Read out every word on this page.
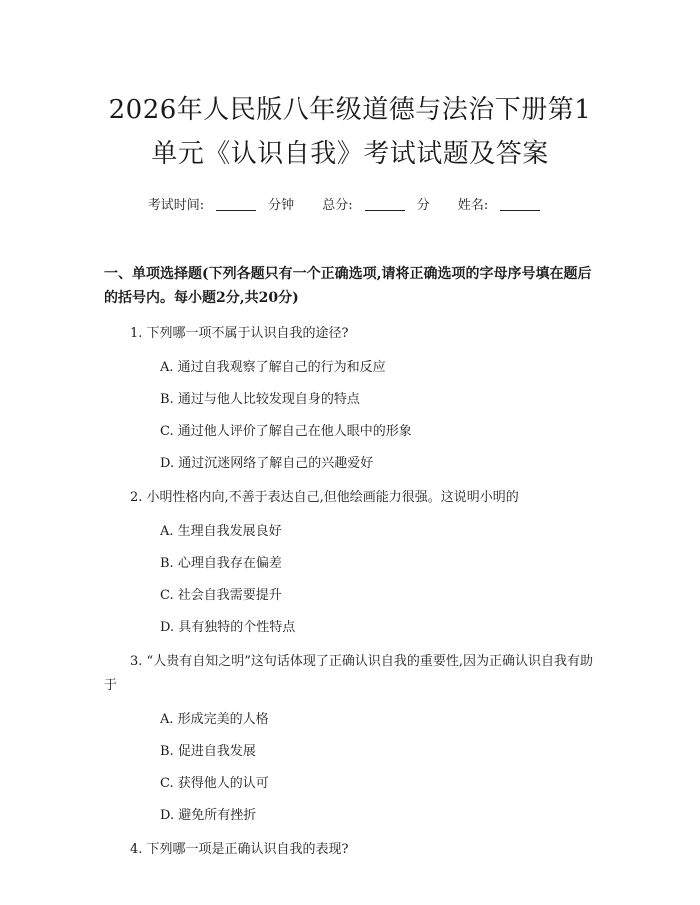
2026年人民版八年级道德与法治下册第1单元《认识自我》考试试题及答案
考试时间:	分钟 总分:	分 姓名:
一、单项选择题(下列各题只有一个正确选项,请将正确选项的字母序号填在题后的括号内。每小题2分,共20分)
1. 下列哪一项不属于认识自我的途径?
A. 通过自我观察了解自己的行为和反应
B. 通过与他人比较发现自身的特点
C. 通过他人评价了解自己在他人眼中的形象
D. 通过沉迷网络了解自己的兴趣爱好
2. 小明性格内向,不善于表达自己,但他绘画能力很强。这说明小明的
A. 生理自我发展良好
B. 心理自我存在偏差
C. 社会自我需要提升
D. 具有独特的个性特点
3. “人贵有自知之明”这句话体现了正确认识自我的重要性,因为正确认识自我有助于
A. 形成完美的人格
B. 促进自我发展
C. 获得他人的认可
D. 避免所有挫折
4. 下列哪一项是正确认识自我的表现?
